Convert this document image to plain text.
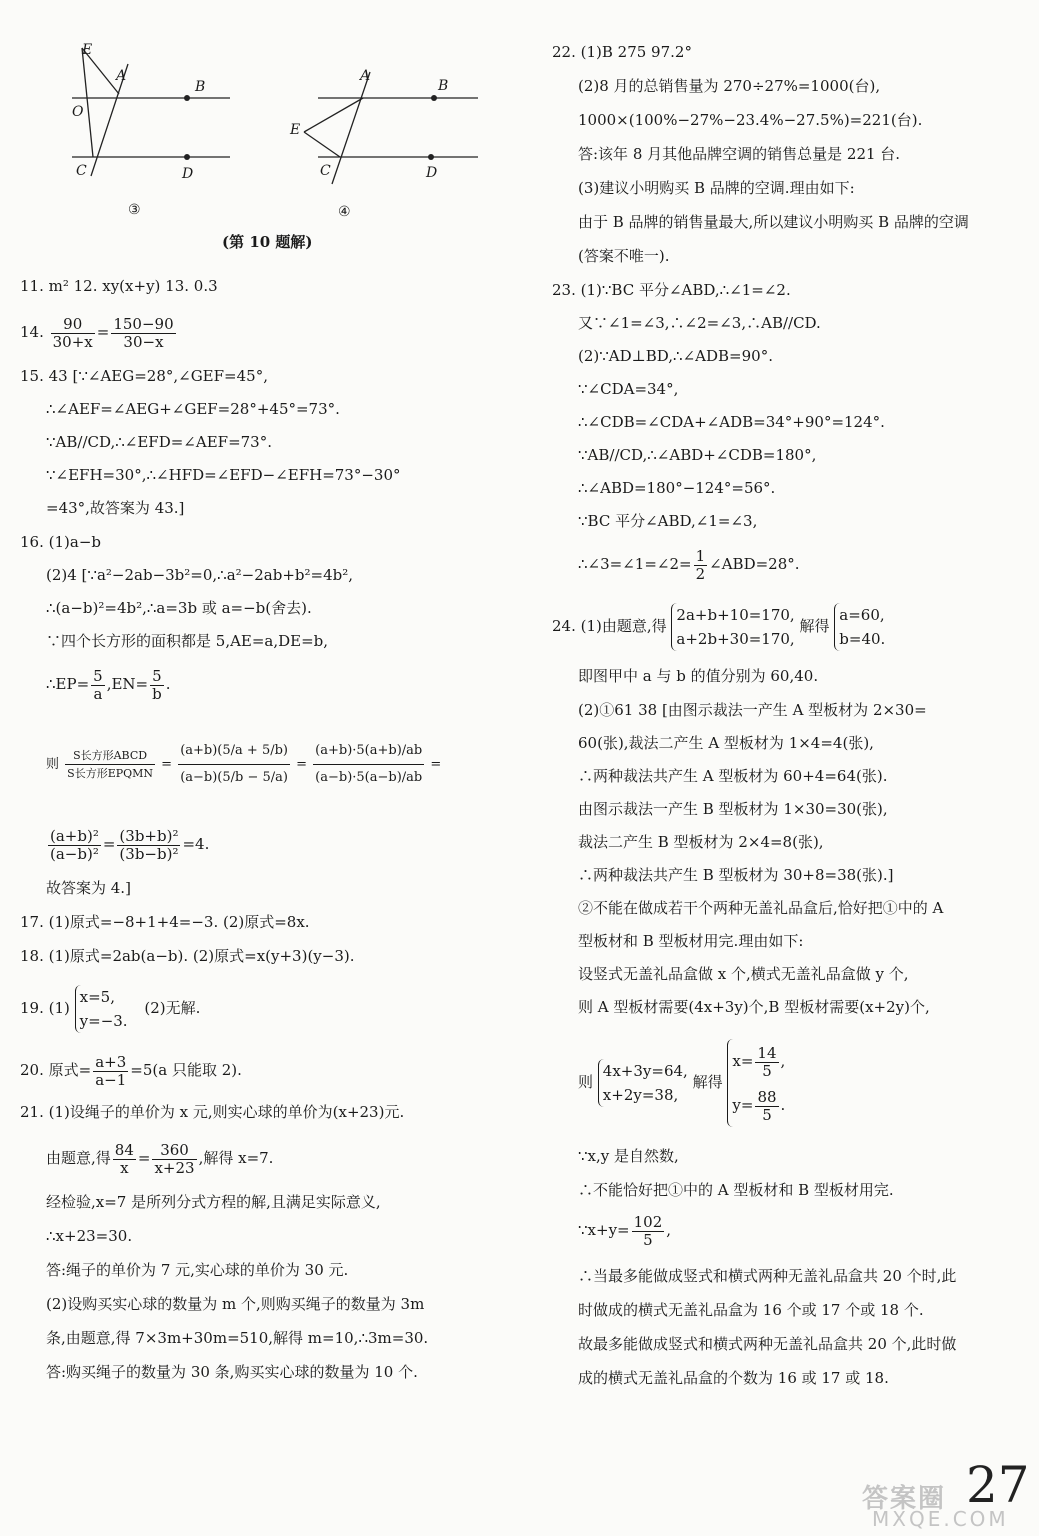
E
A
B
O
C	D
③
A
B
E
C	D
④
(第 10 题解)
11. m² 12. xy(x+y) 13. 0.3
14. $\frac{90}{30+x} = \frac{150-90}{30-x}$
15. 43 [∵∠AEG=28°,∠GEF=45°,
∴∠AEF=∠AEG+∠GEF=28°+45°=73°.
∵AB//CD,∴∠EFD=∠AEF=73°.
∵∠EFH=30°,∴∠HFD=∠EFD−∠EFH=73°−30°
=43°,故答案为 43.]
16. (1)a−b
(2)4 [∵a²−2ab−3b²=0,∴a²−2ab+b²=4b²,
∴(a−b)²=4b²,∴a=3b 或 a=−b(舍去).
∵四个长方形的面积都是 5,AE=a,DE=b,
∴EP= $\frac{5}{a} ,EN= \frac{5}{b}$ .
则 $\frac{\text{S长方形ABCD}}{\text{S长方形EPQMN}} = \frac{(a+b)(5/a + 5/b)}{(a-b)(5/b - 5/a)} = \frac{(a+b)\cdot 5(a+b)/ab}{(a-b)\cdot 5(a-b)/ab}$ =
$\frac{\text{(a+b)²}}{\text{(a−b)²}} = \frac{\text{(3b+b)²}}{\text{(3b−b)²}} =4$.
故答案为 4.]
17. (1)原式=−8+1+4=−3. (2)原式=8x.
18. (1)原式=2ab(a−b). (2)原式=x(y+3)(y−3).
19. (1)
x=5,
y=−3.
(2)无解.
20. 原式= $\frac{a+3}{a-1} =5(a$ 只能取 2).
21. (1)设绳子的单价为 x 元,则实心球的单价为(x+23)元.
由题意,得 $\frac{84}{x} = \frac{360}{x+23}$ ,解得 x=7.
经检验,x=7 是所列分式方程的解,且满足实际意义,
∴x+23=30.
答:绳子的单价为 7 元,实心球的单价为 30 元.
(2)设购买实心球的数量为 m 个,则购买绳子的数量为 3m
条,由题意,得 7×3m+30m=510,解得 m=10,∴3m=30.
答:购买绳子的数量为 30 条,购买实心球的数量为 10 个.
22. (1)B 275 97.2°
(2)8 月的总销售量为 270÷27%=1000(台),
1000×(100%−27%−23.4%−27.5%)=221(台).
答:该年 8 月其他品牌空调的销售总量是 221 台.
(3)建议小明购买 B 品牌的空调.理由如下:
由于 B 品牌的销售量最大,所以建议小明购买 B 品牌的空调
(答案不唯一).
23. (1)∵BC 平分∠ABD,∴∠1=∠2.
又∵∠1=∠3,∴∠2=∠3,∴AB//CD.
(2)∵AD⊥BD,∴∠ADB=90°.
∵∠CDA=34°,
∴∠CDB=∠CDA+∠ADB=34°+90°=124°.
∵AB//CD,∴∠ABD+∠CDB=180°,
∴∠ABD=180°−124°=56°.
∵BC 平分∠ABD,∠1=∠3,
∴∠3=∠1=∠2= $\frac{1}{2}$ ∠ABD=28°.
24. (1)由题意,得
2a+b+10=170,
a+2b+30=170,
解得
a=60,
b=40.
即图甲中 a 与 b 的值分别为 60,40.
(2)①61 38 [由图示裁法一产生 A 型板材为 2×30=
60(张),裁法二产生 A 型板材为 1×4=4(张),
∴两种裁法共产生 A 型板材为 60+4=64(张).
由图示裁法一产生 B 型板材为 1×30=30(张),
裁法二产生 B 型板材为 2×4=8(张),
∴两种裁法共产生 B 型板材为 30+8=38(张).]
②不能在做成若干个两种无盖礼品盒后,恰好把①中的 A
型板材和 B 型板材用完.理由如下:
设竖式无盖礼品盒做 x 个,横式无盖礼品盒做 y 个,
则 A 型板材需要(4x+3y)个,B 型板材需要(x+2y)个,
则
4x+3y=64,
x+2y=38,
解得
$x= \frac{14}{5}$ ,
$y= \frac{88}{5}$ .
∵x,y 是自然数,
∴不能恰好把①中的 A 型板材和 B 型板材用完.
∵x+y= $\frac{102}{5}$ ,
∴当最多能做成竖式和横式两种无盖礼品盒共 20 个时,此
时做成的横式无盖礼品盒为 16 个或 17 个或 18 个.
故最多能做成竖式和横式两种无盖礼品盒共 20 个,此时做
成的横式无盖礼品盒的个数为 16 或 17 或 18.
答案圈
MXQE.COM
27
